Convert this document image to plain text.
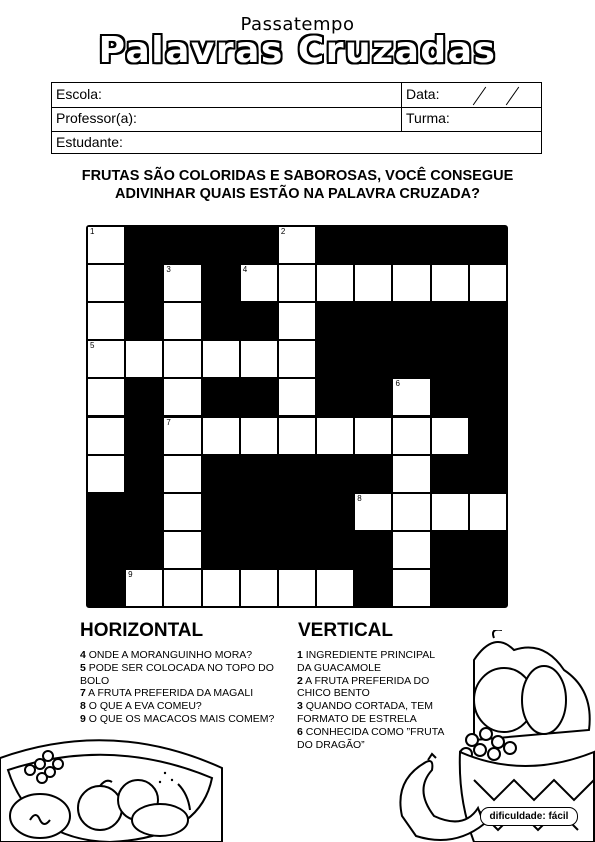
Passatempo
Palavras Cruzadas
Escola:	Data:
Professor(a):	Turma:
Estudante:
FRUTAS SÃO COLORIDAS E SABOROSAS, VOCÊ CONSEGUE
ADIVINHAR QUAIS ESTÃO NA PALAVRA CRUZADA?
1	2
3	4
5
6
7
8
9
HORIZONTAL	VERTICAL
4 ONDE A MORANGUINHO MORA?
5 PODE SER COLOCADA NO TOPO DO BOLO
7 A FRUTA PREFERIDA DA MAGALI
8 O QUE A EVA COMEU?
9 O QUE OS MACACOS MAIS COMEM?
1 INGREDIENTE PRINCIPAL DA GUACAMOLE
2 A FRUTA PREFERIDA DO CHICO BENTO
3 QUANDO CORTADA, TEM FORMATO DE ESTRELA
6 CONHECIDA COMO ”FRUTA DO DRAGÃO”
dificuldade: fácil
